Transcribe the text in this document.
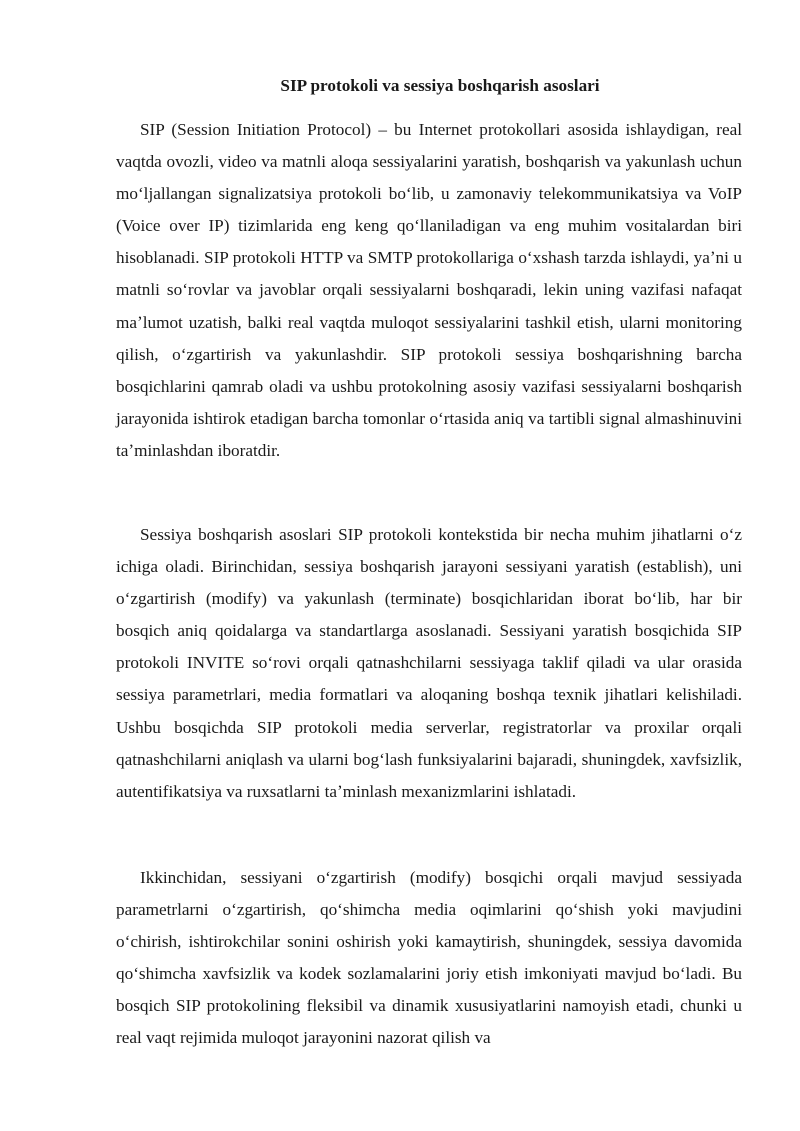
SIP protokoli va sessiya boshqarish asoslari

SIP (Session Initiation Protocol) – bu Internet protokollari asosida ishlaydigan, real vaqtda ovozli, video va matnli aloqa sessiyalarini yaratish, boshqarish va yakunlash uchun moʻljallangan signalizatsiya protokoli boʻlib, u zamonaviy telekommunikatsiya va VoIP (Voice over IP) tizimlarida eng keng qoʻllaniladigan va eng muhim vositalardan biri hisoblanadi. SIP protokoli HTTP va SMTP protokollariga oʻxshash tarzda ishlaydi, yaʼni u matnli soʻrovlar va javoblar orqali sessiyalarni boshqaradi, lekin uning vazifasi nafaqat maʼlumot uzatish, balki real vaqtda muloqot sessiyalarini tashkil etish, ularni monitoring qilish, oʻzgartirish va yakunlashdir. SIP protokoli sessiya boshqarishning barcha bosqichlarini qamrab oladi va ushbu protokolning asosiy vazifasi sessiyalarni boshqarish jarayonida ishtirok etadigan barcha tomonlar oʻrtasida aniq va tartibli signal almashinuvini taʼminlashdan iboratdir.

Sessiya boshqarish asoslari SIP protokoli kontekstida bir necha muhim jihatlarni oʻz ichiga oladi. Birinchidan, sessiya boshqarish jarayoni sessiyani yaratish (establish), uni oʻzgartirish (modify) va yakunlash (terminate) bosqichlaridan iborat boʻlib, har bir bosqich aniq qoidalarga va standartlarga asoslanadi. Sessiyani yaratish bosqichida SIP protokoli INVITE soʻrovi orqali qatnashchilarni sessiyaga taklif qiladi va ular orasida sessiya parametrlari, media formatlari va aloqaning boshqa texnik jihatlari kelishiladi. Ushbu bosqichda SIP protokoli media serverlar, registratorlar va proxilar orqali qatnashchilarni aniqlash va ularni bogʻlash funksiyalarini bajaradi, shuningdek, xavfsizlik, autentifikatsiya va ruxsatlarni taʼminlash mexanizmlarini ishlatadi.

Ikkinchidan, sessiyani oʻzgartirish (modify) bosqichi orqali mavjud sessiyada parametrlarni oʻzgartirish, qoʻshimcha media oqimlarini qoʻshish yoki mavjudini oʻchirish, ishtirokchilar sonini oshirish yoki kamaytirish, shuningdek, sessiya davomida qoʻshimcha xavfsizlik va kodek sozlamalarini joriy etish imkoniyati mavjud boʻladi. Bu bosqich SIP protokolining fleksibil va dinamik xususiyatlarini namoyish etadi, chunki u real vaqt rejimida muloqot jarayonini nazorat qilish va
